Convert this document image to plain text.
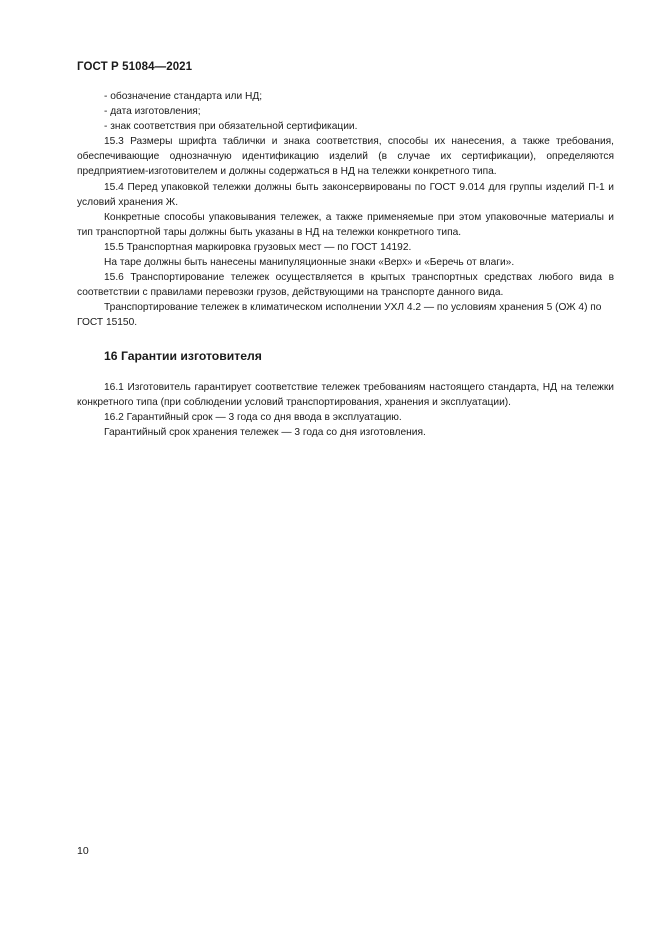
ГОСТ Р 51084—2021

- обозначение стандарта или НД;

- дата изготовления;

- знак соответствия при обязательной сертификации.

15.3 Размеры шрифта таблички и знака соответствия, способы их нанесения, а также требования, обеспечивающие однозначную идентификацию изделий (в случае их сертификации), определяются предприятием-изготовителем и должны содержаться в НД на тележки конкретного типа.

15.4 Перед упаковкой тележки должны быть законсервированы по ГОСТ 9.014 для группы изделий П-1 и условий хранения Ж.

Конкретные способы упаковывания тележек, а также применяемые при этом упаковочные материалы и тип транспортной тары должны быть указаны в НД на тележки конкретного типа.

15.5 Транспортная маркировка грузовых мест — по ГОСТ 14192.

На таре должны быть нанесены манипуляционные знаки «Верх» и «Беречь от влаги».

15.6 Транспортирование тележек осуществляется в крытых транспортных средствах любого вида в соответствии с правилами перевозки грузов, действующими на транспорте данного вида.

Транспортирование тележек в климатическом исполнении УХЛ 4.2 — по условиям хранения 5 (ОЖ 4) по ГОСТ 15150.

16 Гарантии изготовителя

16.1 Изготовитель гарантирует соответствие тележек требованиям настоящего стандарта, НД на тележки конкретного типа (при соблюдении условий транспортирования, хранения и эксплуатации).

16.2 Гарантийный срок — 3 года со дня ввода в эксплуатацию.

Гарантийный срок хранения тележек — 3 года со дня изготовления.

10
